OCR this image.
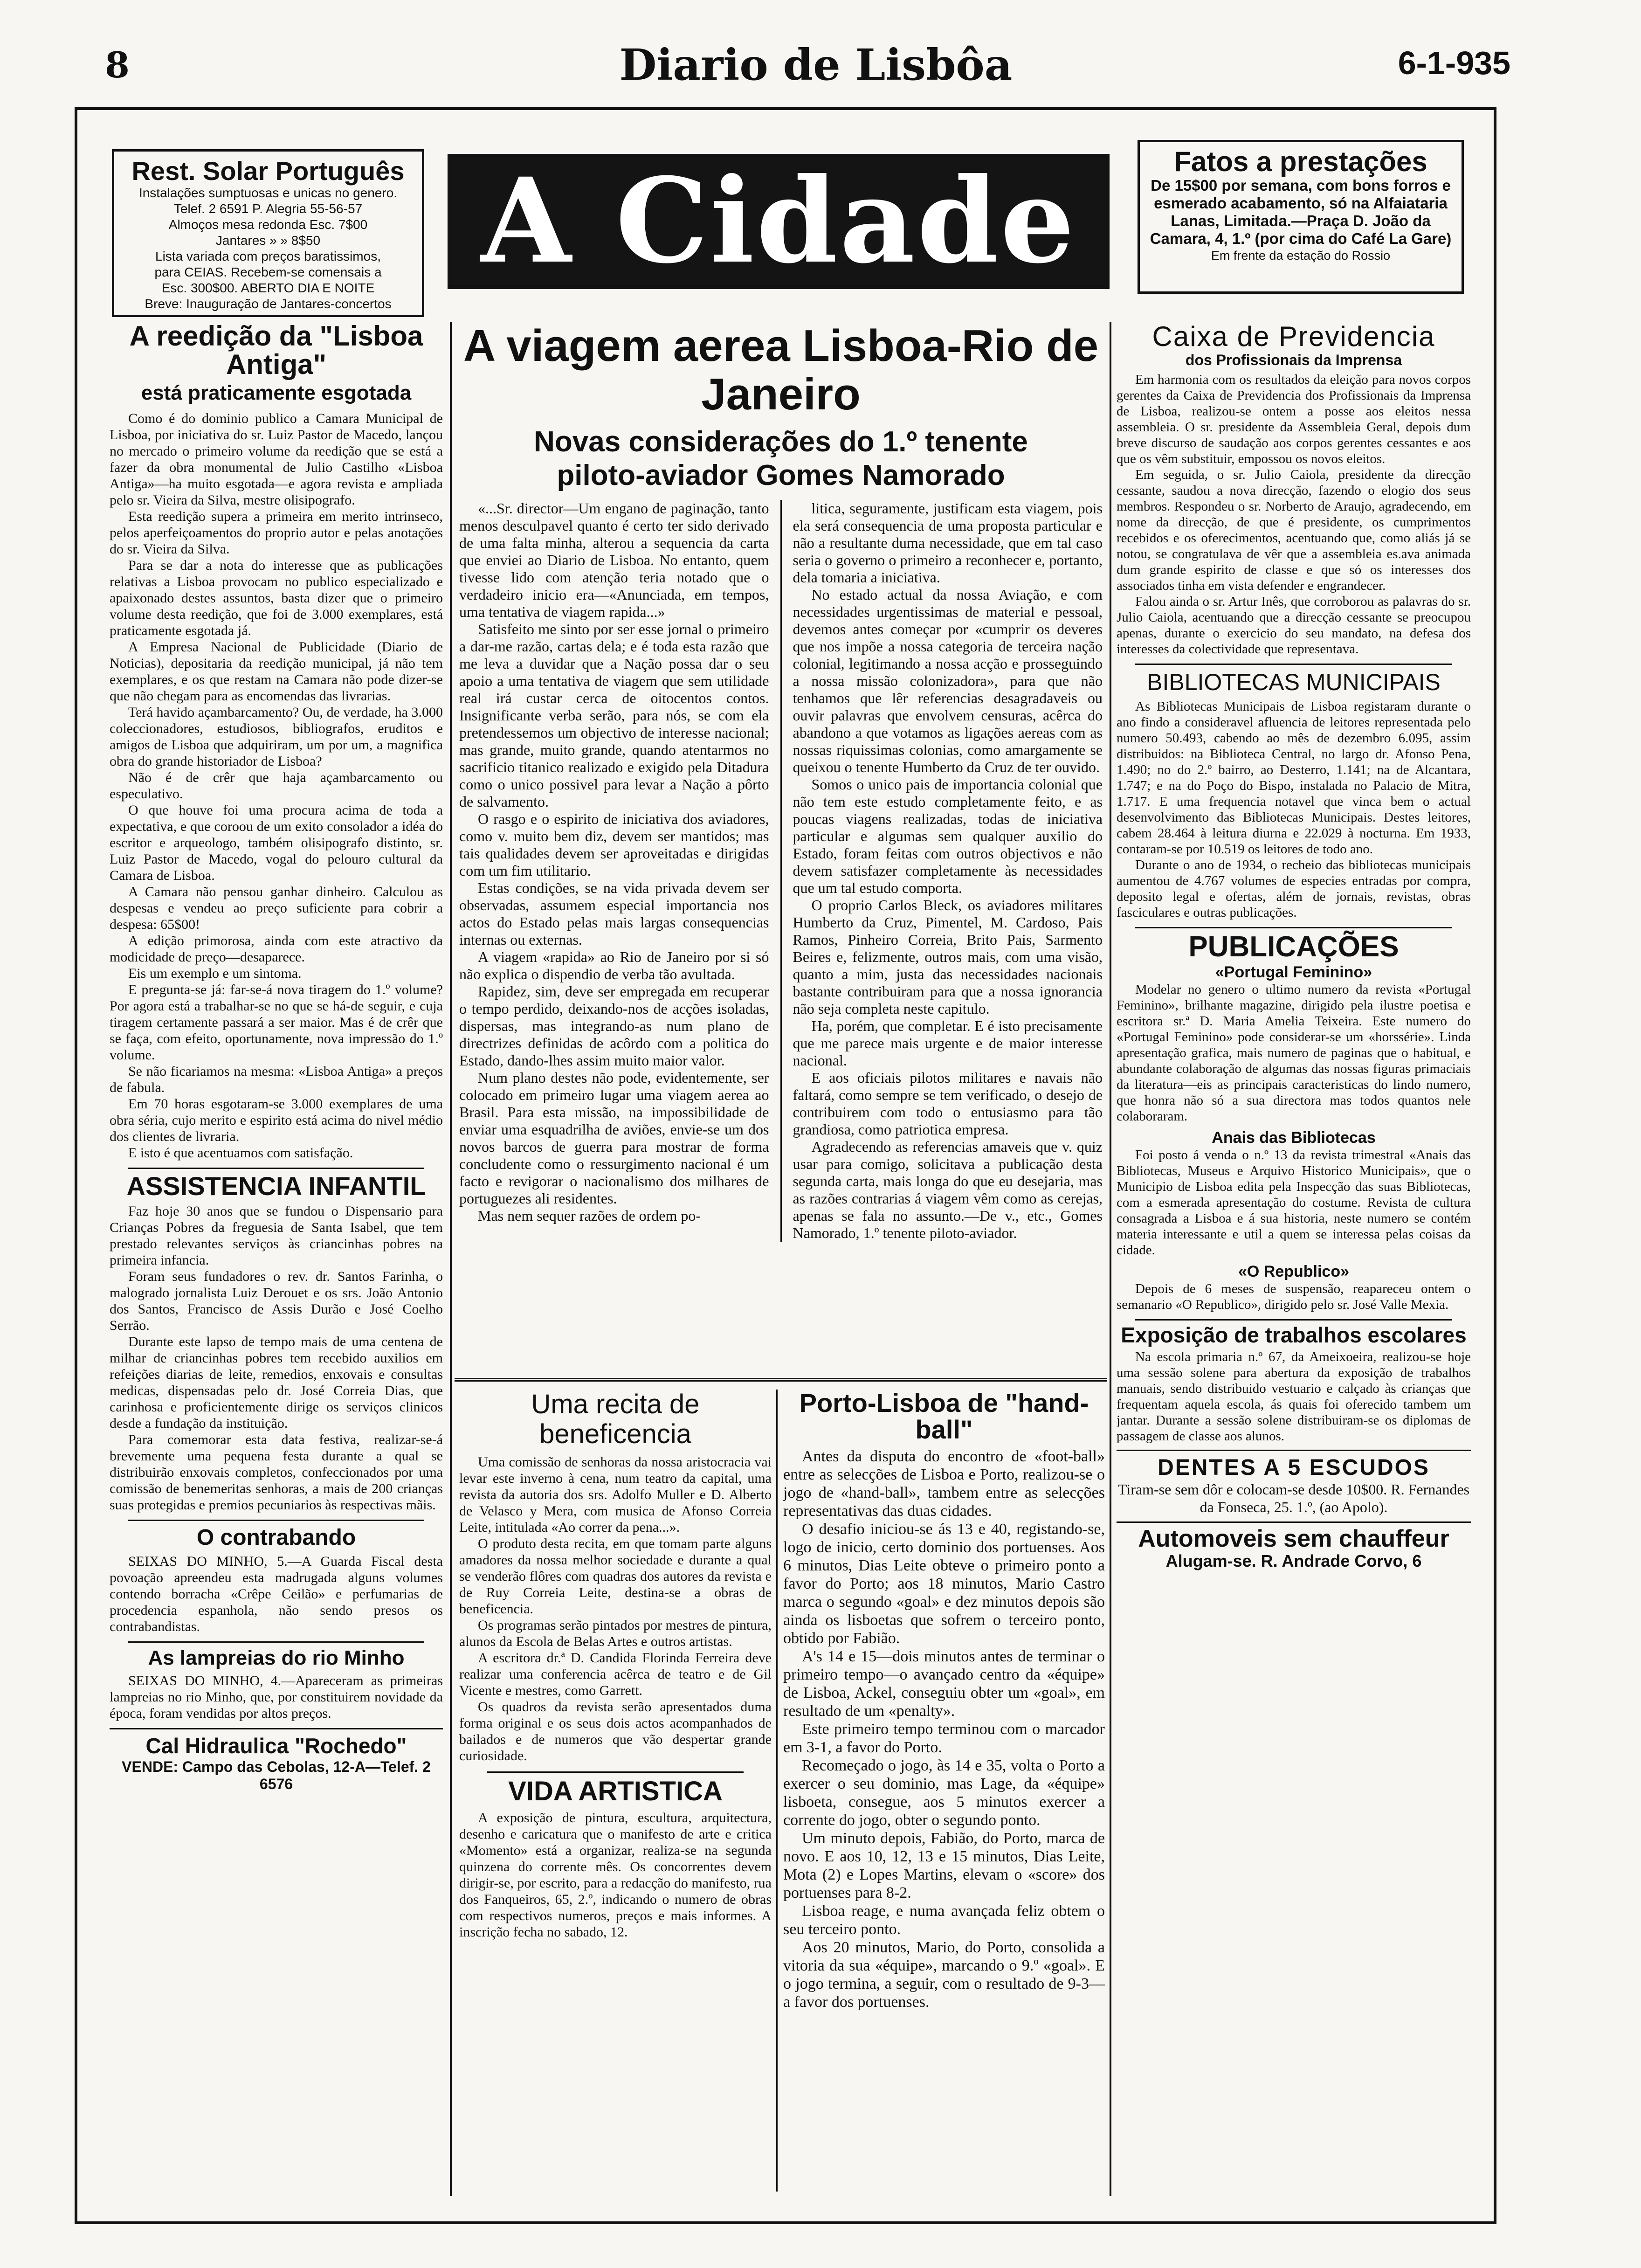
8	Diario de Lisbôa	6-1-935
Rest. Solar Português
Instalações sumptuosas e unicas no genero.
Telef. 2 6591 P. Alegria 55-56-57
Almoços mesa redonda Esc. 7$00
Jantares » » 8$50
Lista variada com preços baratissimos,
para CEIAS. Recebem-se comensais a
Esc. 300$00. ABERTO DIA E NOITE
Breve: Inauguração de Jantares-concertos
A Cidade	Fatos a prestações
De 15$00 por semana, com bons forros e esmerado acabamento, só na Alfaiataria Lanas, Limitada.—Praça D. João da Camara, 4, 1.º (por cima do Café La Gare)
Em frente da estação do Rossio
A reedição da "Lisboa Antiga"
está praticamente esgotada

Como é do dominio publico a Camara Municipal de Lisboa, por iniciativa do sr. Luiz Pastor de Macedo, lançou no mercado o primeiro volume da reedição que se está a fazer da obra monumental de Julio Castilho «Lisboa Antiga»—ha muito esgotada—e agora revista e ampliada pelo sr. Vieira da Silva, mestre olisipografo.

Esta reedição supera a primeira em merito intrinseco, pelos aperfeiçoamentos do proprio autor e pelas anotações do sr. Vieira da Silva.

Para se dar a nota do interesse que as publicações relativas a Lisboa provocam no publico especializado e apaixonado destes assuntos, basta dizer que o primeiro volume desta reedição, que foi de 3.000 exemplares, está praticamente esgotada já.

A Empresa Nacional de Publicidade (Diario de Noticias), depositaria da reedição municipal, já não tem exemplares, e os que restam na Camara não pode dizer-se que não chegam para as encomendas das livrarias.

Terá havido açambarcamento? Ou, de verdade, ha 3.000 coleccionadores, estudiosos, bibliografos, eruditos e amigos de Lisboa que adquiriram, um por um, a magnifica obra do grande historiador de Lisboa?

Não é de crêr que haja açambarcamento ou especulativo.

O que houve foi uma procura acima de toda a expectativa, e que coroou de um exito consolador a idéa do escritor e arqueologo, também olisipografo distinto, sr. Luiz Pastor de Macedo, vogal do pelouro cultural da Camara de Lisboa.

A Camara não pensou ganhar dinheiro. Calculou as despesas e vendeu ao preço suficiente para cobrir a despesa: 65$00!

A edição primorosa, ainda com este atractivo da modicidade de preço—desaparece.

Eis um exemplo e um sintoma.

E pregunta-se já: far-se-á nova tiragem do 1.º volume? Por agora está a trabalhar-se no que se há-de seguir, e cuja tiragem certamente passará a ser maior. Mas é de crêr que se faça, com efeito, oportunamente, nova impressão do 1.º volume.

Se não ficariamos na mesma: «Lisboa Antiga» a preços de fabula.

Em 70 horas esgotaram-se 3.000 exemplares de uma obra séria, cujo merito e espirito está acima do nivel médio dos clientes de livraria.

E isto é que acentuamos com satisfação.

ASSISTENCIA INFANTIL

Faz hoje 30 anos que se fundou o Dispensario para Crianças Pobres da freguesia de Santa Isabel, que tem prestado relevantes serviços às criancinhas pobres na primeira infancia.

Foram seus fundadores o rev. dr. Santos Farinha, o malogrado jornalista Luiz Derouet e os srs. João Antonio dos Santos, Francisco de Assis Durão e José Coelho Serrão.

Durante este lapso de tempo mais de uma centena de milhar de criancinhas pobres tem recebido auxilios em refeições diarias de leite, remedios, enxovais e consultas medicas, dispensadas pelo dr. José Correia Dias, que carinhosa e proficientemente dirige os serviços clinicos desde a fundação da instituição.

Para comemorar esta data festiva, realizar-se-á brevemente uma pequena festa durante a qual se distribuirão enxovais completos, confeccionados por uma comissão de benemeritas senhoras, a mais de 200 crianças suas protegidas e premios pecuniarios às respectivas mãis.

O contrabando

SEIXAS DO MINHO, 5.—A Guarda Fiscal desta povoação apreendeu esta madrugada alguns volumes contendo borracha «Crêpe Ceilão» e perfumarias de procedencia espanhola, não sendo presos os contrabandistas.

As lampreias do rio Minho

SEIXAS DO MINHO, 4.—Apareceram as primeiras lampreias no rio Minho, que, por constituirem novidade da época, foram vendidas por altos preços.

Cal Hidraulica "Rochedo"
VENDE: Campo das Cebolas, 12-A—Telef. 2 6576
A viagem aerea Lisboa-Rio de Janeiro
Novas considerações do 1.º tenente piloto-aviador Gomes Namorado

«...Sr. director—Um engano de paginação, tanto menos desculpavel quanto é certo ter sido derivado de uma falta minha, alterou a sequencia da carta que enviei ao Diario de Lisboa. No entanto, quem tivesse lido com atenção teria notado que o verdadeiro inicio era—«Anunciada, em tempos, uma tentativa de viagem rapida...»

Satisfeito me sinto por ser esse jornal o primeiro a dar-me razão, cartas dela; e é toda esta razão que me leva a duvidar que a Nação possa dar o seu apoio a uma tentativa de viagem que sem utilidade real irá custar cerca de oitocentos contos. Insignificante verba serão, para nós, se com ela pretendessemos um objectivo de interesse nacional; mas grande, muito grande, quando atentarmos no sacrificio titanico realizado e exigido pela Ditadura como o unico possivel para levar a Nação a pôrto de salvamento.

O rasgo e o espirito de iniciativa dos aviadores, como v. muito bem diz, devem ser mantidos; mas tais qualidades devem ser aproveitadas e dirigidas com um fim utilitario.

Estas condições, se na vida privada devem ser observadas, assumem especial importancia nos actos do Estado pelas mais largas consequencias internas ou externas.

A viagem «rapida» ao Rio de Janeiro por si só não explica o dispendio de verba tão avultada.

Rapidez, sim, deve ser empregada em recuperar o tempo perdido, deixando-nos de acções isoladas, dispersas, mas integrando-as num plano de directrizes definidas de acôrdo com a politica do Estado, dando-lhes assim muito maior valor.

Num plano destes não pode, evidentemente, ser colocado em primeiro lugar uma viagem aerea ao Brasil. Para esta missão, na impossibilidade de enviar uma esquadrilha de aviões, envie-se um dos novos barcos de guerra para mostrar de forma concludente como o ressurgimento nacional é um facto e revigorar o nacionalismo dos milhares de portuguezes ali residentes.

Mas nem sequer razões de ordem po-

litica, seguramente, justificam esta viagem, pois ela será consequencia de uma proposta particular e não a resultante duma necessidade, que em tal caso seria o governo o primeiro a reconhecer e, portanto, dela tomaria a iniciativa.

No estado actual da nossa Aviação, e com necessidades urgentissimas de material e pessoal, devemos antes começar por «cumprir os deveres que nos impõe a nossa categoria de terceira nação colonial, legitimando a nossa acção e prosseguindo a nossa missão colonizadora», para que não tenhamos que lêr referencias desagradaveis ou ouvir palavras que envolvem censuras, acêrca do abandono a que votamos as ligações aereas com as nossas riquissimas colonias, como amargamente se queixou o tenente Humberto da Cruz de ter ouvido.

Somos o unico pais de importancia colonial que não tem este estudo completamente feito, e as poucas viagens realizadas, todas de iniciativa particular e algumas sem qualquer auxilio do Estado, foram feitas com outros objectivos e não devem satisfazer completamente às necessidades que um tal estudo comporta.

O proprio Carlos Bleck, os aviadores militares Humberto da Cruz, Pimentel, M. Cardoso, Pais Ramos, Pinheiro Correia, Brito Pais, Sarmento Beires e, felizmente, outros mais, com uma visão, quanto a mim, justa das necessidades nacionais bastante contribuiram para que a nossa ignorancia não seja completa neste capitulo.

Ha, porém, que completar. E é isto precisamente que me parece mais urgente e de maior interesse nacional.

E aos oficiais pilotos militares e navais não faltará, como sempre se tem verificado, o desejo de contribuirem com todo o entusiasmo para tão grandiosa, como patriotica empresa.

Agradecendo as referencias amaveis que v. quiz usar para comigo, solicitava a publicação desta segunda carta, mais longa do que eu desejaria, mas as razões contrarias á viagem vêm como as cerejas, apenas se fala no assunto.—De v., etc., Gomes Namorado, 1.º tenente piloto-aviador.

Uma recita de beneficencia

Uma comissão de senhoras da nossa aristocracia vai levar este inverno à cena, num teatro da capital, uma revista da autoria dos srs. Adolfo Muller e D. Alberto de Velasco y Mera, com musica de Afonso Correia Leite, intitulada «Ao correr da pena...».

O produto desta recita, em que tomam parte alguns amadores da nossa melhor sociedade e durante a qual se venderão flôres com quadras dos autores da revista e de Ruy Correia Leite, destina-se a obras de beneficencia.

Os programas serão pintados por mestres de pintura, alunos da Escola de Belas Artes e outros artistas.

A escritora dr.ª D. Candida Florinda Ferreira deve realizar uma conferencia acêrca de teatro e de Gil Vicente e mestres, como Garrett.

Os quadros da revista serão apresentados duma forma original e os seus dois actos acompanhados de bailados e de numeros que vão despertar grande curiosidade.

VIDA ARTISTICA

A exposição de pintura, escultura, arquitectura, desenho e caricatura que o manifesto de arte e critica «Momento» está a organizar, realiza-se na segunda quinzena do corrente mês. Os concorrentes devem dirigir-se, por escrito, para a redacção do manifesto, rua dos Fanqueiros, 65, 2.º, indicando o numero de obras com respectivos numeros, preços e mais informes. A inscrição fecha no sabado, 12.

Porto-Lisboa de "hand-ball"

Antes da disputa do encontro de «foot-ball» entre as selecções de Lisboa e Porto, realizou-se o jogo de «hand-ball», tambem entre as selecções representativas das duas cidades.

O desafio iniciou-se ás 13 e 40, registando-se, logo de inicio, certo dominio dos portuenses. Aos 6 minutos, Dias Leite obteve o primeiro ponto a favor do Porto; aos 18 minutos, Mario Castro marca o segundo «goal» e dez minutos depois são ainda os lisboetas que sofrem o terceiro ponto, obtido por Fabião.

A's 14 e 15—dois minutos antes de terminar o primeiro tempo—o avançado centro da «équipe» de Lisboa, Ackel, conseguiu obter um «goal», em resultado de um «penalty».

Este primeiro tempo terminou com o marcador em 3-1, a favor do Porto.

Recomeçado o jogo, às 14 e 35, volta o Porto a exercer o seu dominio, mas Lage, da «équipe» lisboeta, consegue, aos 5 minutos exercer a corrente do jogo, obter o segundo ponto.

Um minuto depois, Fabião, do Porto, marca de novo. E aos 10, 12, 13 e 15 minutos, Dias Leite, Mota (2) e Lopes Martins, elevam o «score» dos portuenses para 8-2.

Lisboa reage, e numa avançada feliz obtem o seu terceiro ponto.

Aos 20 minutos, Mario, do Porto, consolida a vitoria da sua «équipe», marcando o 9.º «goal». E o jogo termina, a seguir, com o resultado de 9-3—a favor dos portuenses.

Caixa de Previdencia
dos Profissionais da Imprensa

Em harmonia com os resultados da eleição para novos corpos gerentes da Caixa de Previdencia dos Profissionais da Imprensa de Lisboa, realizou-se ontem a posse aos eleitos nessa assembleia. O sr. presidente da Assembleia Geral, depois dum breve discurso de saudação aos corpos gerentes cessantes e aos que os vêm substituir, empossou os novos eleitos.

Em seguida, o sr. Julio Caiola, presidente da direcção cessante, saudou a nova direcção, fazendo o elogio dos seus membros. Respondeu o sr. Norberto de Araujo, agradecendo, em nome da direcção, de que é presidente, os cumprimentos recebidos e os oferecimentos, acentuando que, como aliás já se notou, se congratulava de vêr que a assembleia es.ava animada dum grande espirito de classe e que só os interesses dos associados tinha em vista defender e engrandecer.

Falou ainda o sr. Artur Inês, que corroborou as palavras do sr. Julio Caiola, acentuando que a direcção cessante se preocupou apenas, durante o exercicio do seu mandato, na defesa dos interesses da colectividade que representava.

BIBLIOTECAS MUNICIPAIS

As Bibliotecas Municipais de Lisboa registaram durante o ano findo a consideravel afluencia de leitores representada pelo numero 50.493, cabendo ao mês de dezembro 6.095, assim distribuidos: na Biblioteca Central, no largo dr. Afonso Pena, 1.490; no do 2.º bairro, ao Desterro, 1.141; na de Alcantara, 1.747; e na do Poço do Bispo, instalada no Palacio de Mitra, 1.717. E uma frequencia notavel que vinca bem o actual desenvolvimento das Bibliotecas Municipais. Destes leitores, cabem 28.464 à leitura diurna e 22.029 à nocturna. Em 1933, contaram-se por 10.519 os leitores de todo ano.

Durante o ano de 1934, o recheio das bibliotecas municipais aumentou de 4.767 volumes de especies entradas por compra, deposito legal e ofertas, além de jornais, revistas, obras fasciculares e outras publicações.

PUBLICAÇÕES
«Portugal Feminino»

Modelar no genero o ultimo numero da revista «Portugal Feminino», brilhante magazine, dirigido pela ilustre poetisa e escritora sr.ª D. Maria Amelia Teixeira. Este numero do «Portugal Feminino» pode considerar-se um «horssérie». Linda apresentação grafica, mais numero de paginas que o habitual, e abundante colaboração de algumas das nossas figuras primaciais da literatura—eis as principais caracteristicas do lindo numero, que honra não só a sua directora mas todos quantos nele colaboraram.

Anais das Bibliotecas

Foi posto á venda o n.º 13 da revista trimestral «Anais das Bibliotecas, Museus e Arquivo Historico Municipais», que o Municipio de Lisboa edita pela Inspecção das suas Bibliotecas, com a esmerada apresentação do costume. Revista de cultura consagrada a Lisboa e á sua historia, neste numero se contém materia interessante e util a quem se interessa pelas coisas da cidade.

«O Republico»

Depois de 6 meses de suspensão, reapareceu ontem o semanario «O Republico», dirigido pelo sr. José Valle Mexia.

Exposição de trabalhos escolares

Na escola primaria n.º 67, da Ameixoeira, realizou-se hoje uma sessão solene para abertura da exposição de trabalhos manuais, sendo distribuido vestuario e calçado às crianças que frequentam aquela escola, ás quais foi oferecido tambem um jantar. Durante a sessão solene distribuiram-se os diplomas de passagem de classe aos alunos.

DENTES A 5 ESCUDOS
Tiram-se sem dôr e colocam-se desde 10$00. R. Fernandes da Fonseca, 25. 1.º, (ao Apolo).
Automoveis sem chauffeur
Alugam-se. R. Andrade Corvo, 6
